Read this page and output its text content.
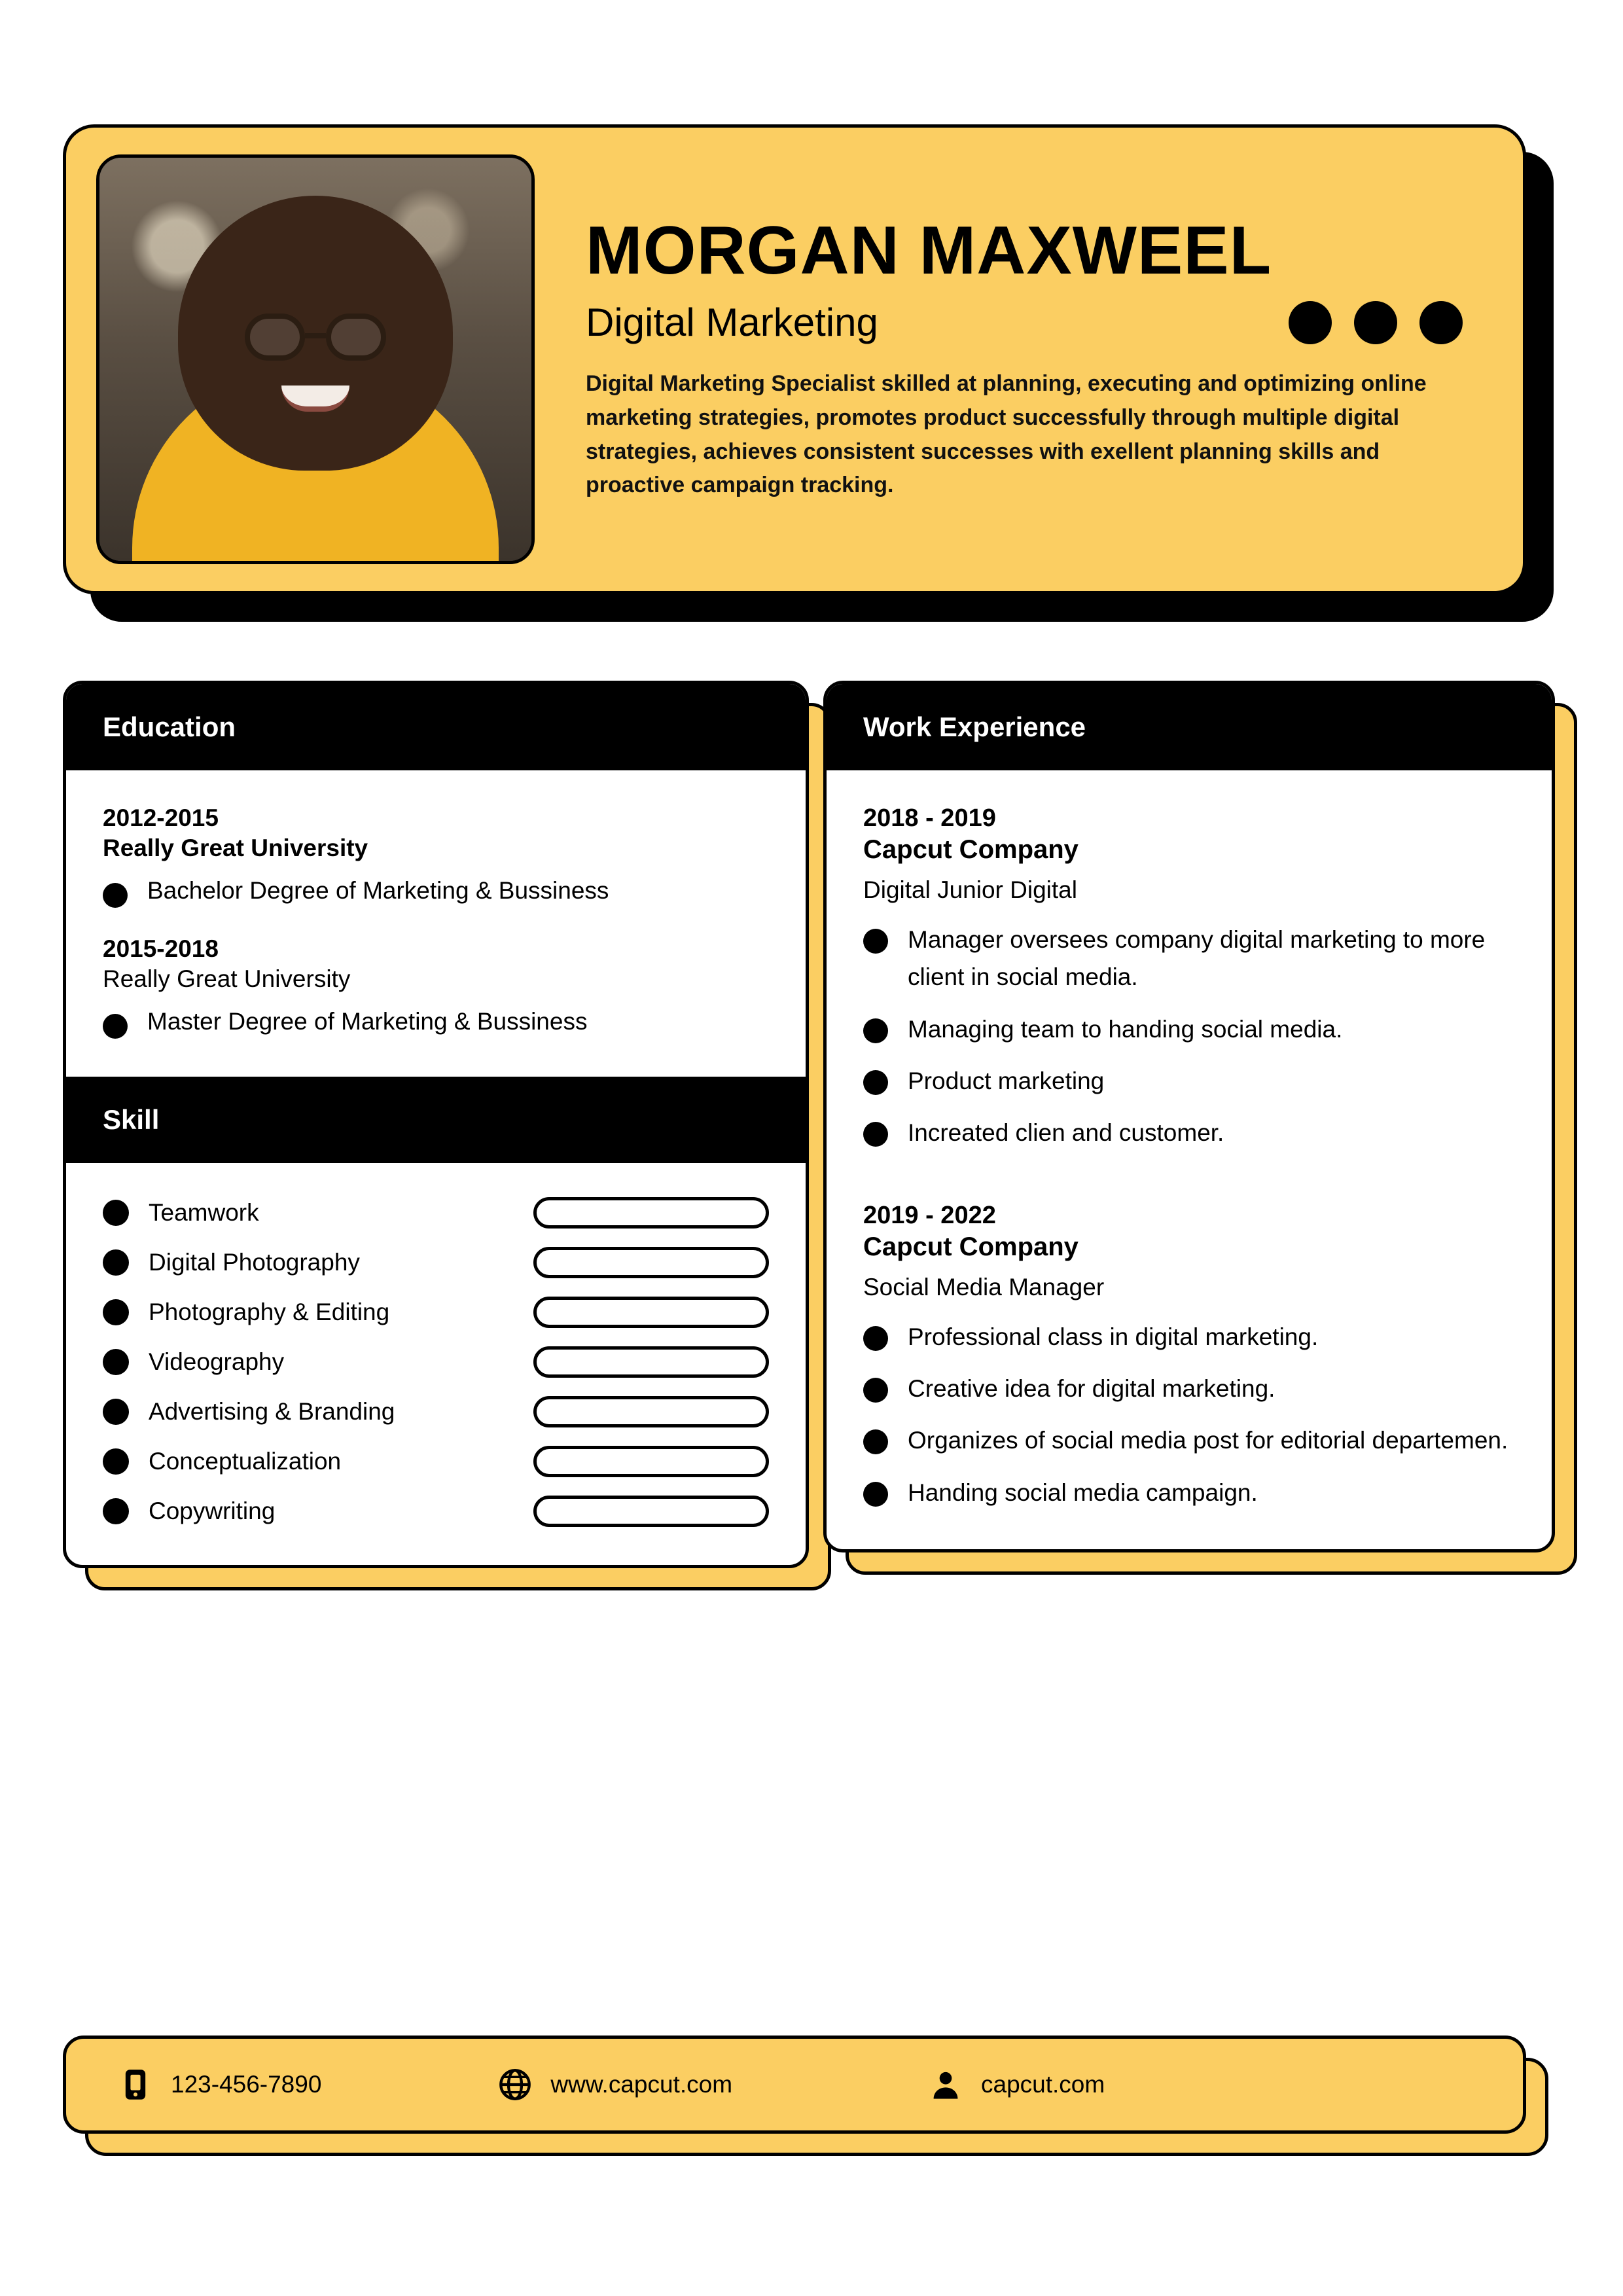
MORGAN MAXWEEL
Digital Marketing
Digital Marketing Specialist skilled at planning, executing and optimizing online marketing strategies, promotes product successfully through multiple digital strategies, achieves consistent successes with exellent planning skills and proactive campaign tracking.
Education
2012-2015
Really Great University
Bachelor Degree of Marketing & Bussiness
2015-2018
Really Great University
Master Degree of Marketing & Bussiness
Skill
Teamwork
Digital Photography
Photography & Editing
Videography
Advertising & Branding
Conceptualization
Copywriting
Work Experience
2018 - 2019
Capcut Company
Digital Junior Digital
Manager oversees company digital marketing to more client in social media.
Managing team to handing social media.
Product marketing
Increated clien and customer.
2019 - 2022
Capcut Company
Social Media Manager
Professional class in digital marketing.
Creative idea for digital marketing.
Organizes of social media post for editorial departemen.
Handing social media campaign.
123-456-7890	www.capcut.com	capcut.com
